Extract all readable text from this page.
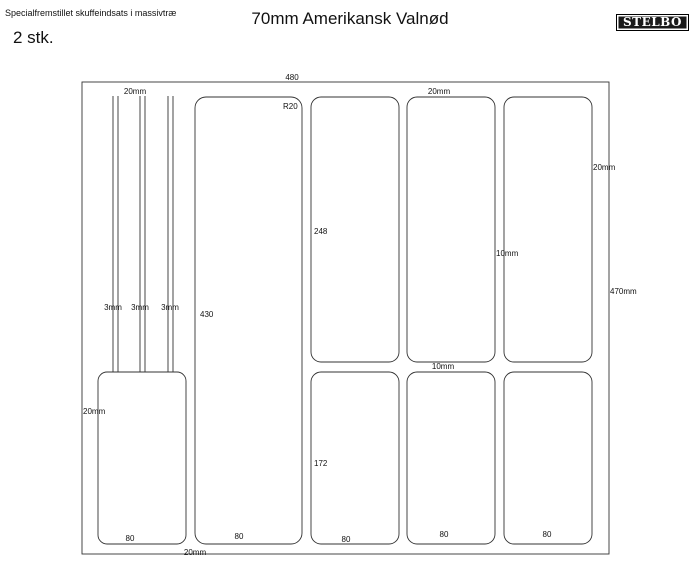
Specialfremstillet skuffeindsats i massivtræ
2 stk.
70mm Amerikansk Valnød	STELBO
480
470mm
20mm
20mm	20mm
20mm
20mm
R20
10mm
10mm
3mm 3mm 3mm
430
248
172
80	80	80
80	80
